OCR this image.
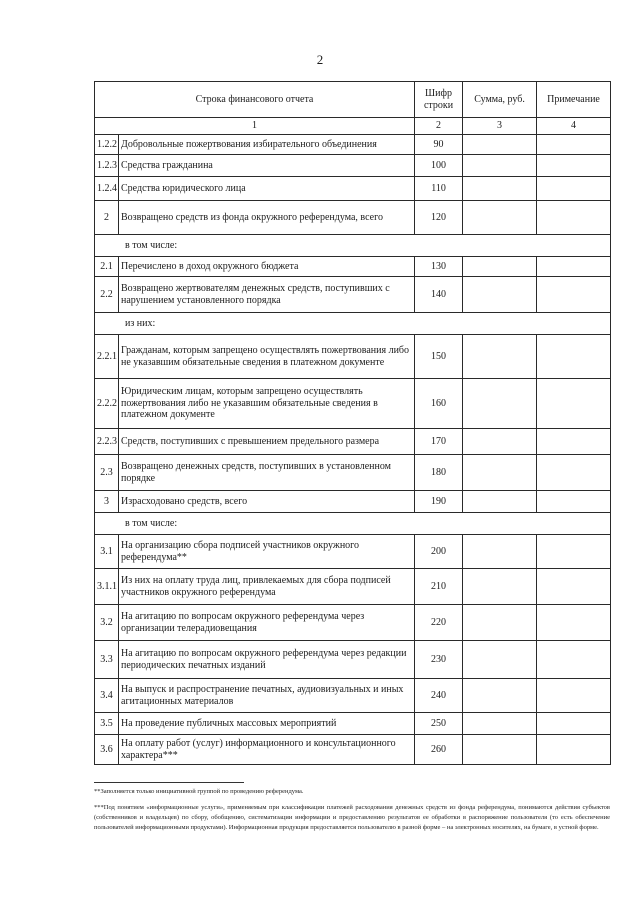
2
Строка финансового отчета		Шифр
строки	Сумма, руб.	Примечание
1		2	3	4
1.2.2	Добровольные пожертвования избирательного объединения	90		
1.2.3	Средства гражданина	100		
1.2.4	Средства юридического лица	110		
2	Возвращено средств из фонда окружного референдума, всего	120		
в том числе:				
2.1	Перечислено в доход окружного бюджета	130		
2.2	Возвращено жертвователям денежных средств, поступивших с нарушением установленного порядка	140		
из них:				
2.2.1	Гражданам, которым запрещено осуществлять пожертвования либо не указавшим обязательные сведения в платежном документе	150		
2.2.2	Юридическим лицам, которым запрещено осуществлять пожертвования либо не указавшим обязательные сведения в платежном документе	160		
2.2.3	Средств, поступивших с превышением предельного размера	170		
2.3	Возвращено денежных средств, поступивших в установленном порядке	180		
3	Израсходовано средств, всего	190		
в том числе:				
3.1	На организацию сбора подписей участников окружного референдума**	200		
3.1.1	Из них на оплату труда лиц, привлекаемых для сбора подписей участников окружного референдума	210		
3.2	На агитацию по вопросам окружного референдума через организации телерадиовещания	220		
3.3	На агитацию по вопросам окружного референдума через редакции периодических печатных изданий	230		
3.4	На выпуск и распространение печатных, аудиовизуальных и иных агитационных материалов	240		
3.5	На проведение публичных массовых мероприятий	250		
3.6	На оплату работ (услуг) информационного и консультационного характера***	260		
**Заполняется только инициативной группой по проведению референдума.
***Под понятием «информационные услуги», применяемым при классификации платежей расходования денежных средств из фонда референдума, понимаются действия субъектов (собственников и владельцев) по сбору, обобщению, систематизации информации и предоставлению результатов ее обработки в распоряжение пользователя (то есть обеспечение пользователей информационными продуктами). Информационная продукция предоставляется пользователю в разной форме – на электронных носителях, на бумаге, в устной форме.
